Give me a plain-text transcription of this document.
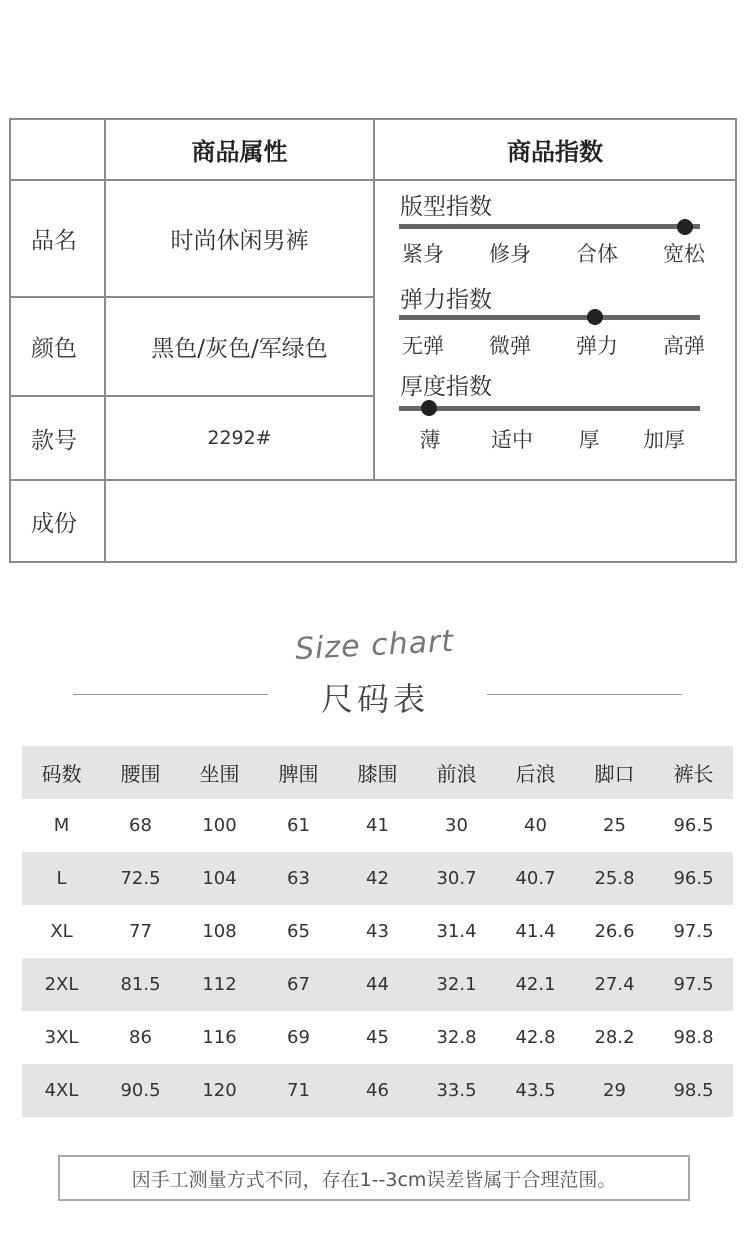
商品属性	商品指数
品名	时尚休闲男裤
颜色	黑色/灰色/军绿色
款号	2292#
成份
版型指数
紧身 修身 合体 宽松
弹力指数
无弹 微弹 弹力 高弹
厚度指数
薄 适中 厚 加厚
Size chart
尺码表
码数	腰围	坐围	脾围	膝围	前浪	后浪	脚口	裤长
M	68	100	61	41	30	40	25	96.5
L	72.5	104	63	42	30.7	40.7	25.8	96.5
XL	77	108	65	43	31.4	41.4	26.6	97.5
2XL	81.5	112	67	44	32.1	42.1	27.4	97.5
3XL	86	116	69	45	32.8	42.8	28.2	98.8
4XL	90.5	120	71	46	33.5	43.5	29	98.5
因手工测量方式不同，存在1--3cm误差皆属于合理范围。
